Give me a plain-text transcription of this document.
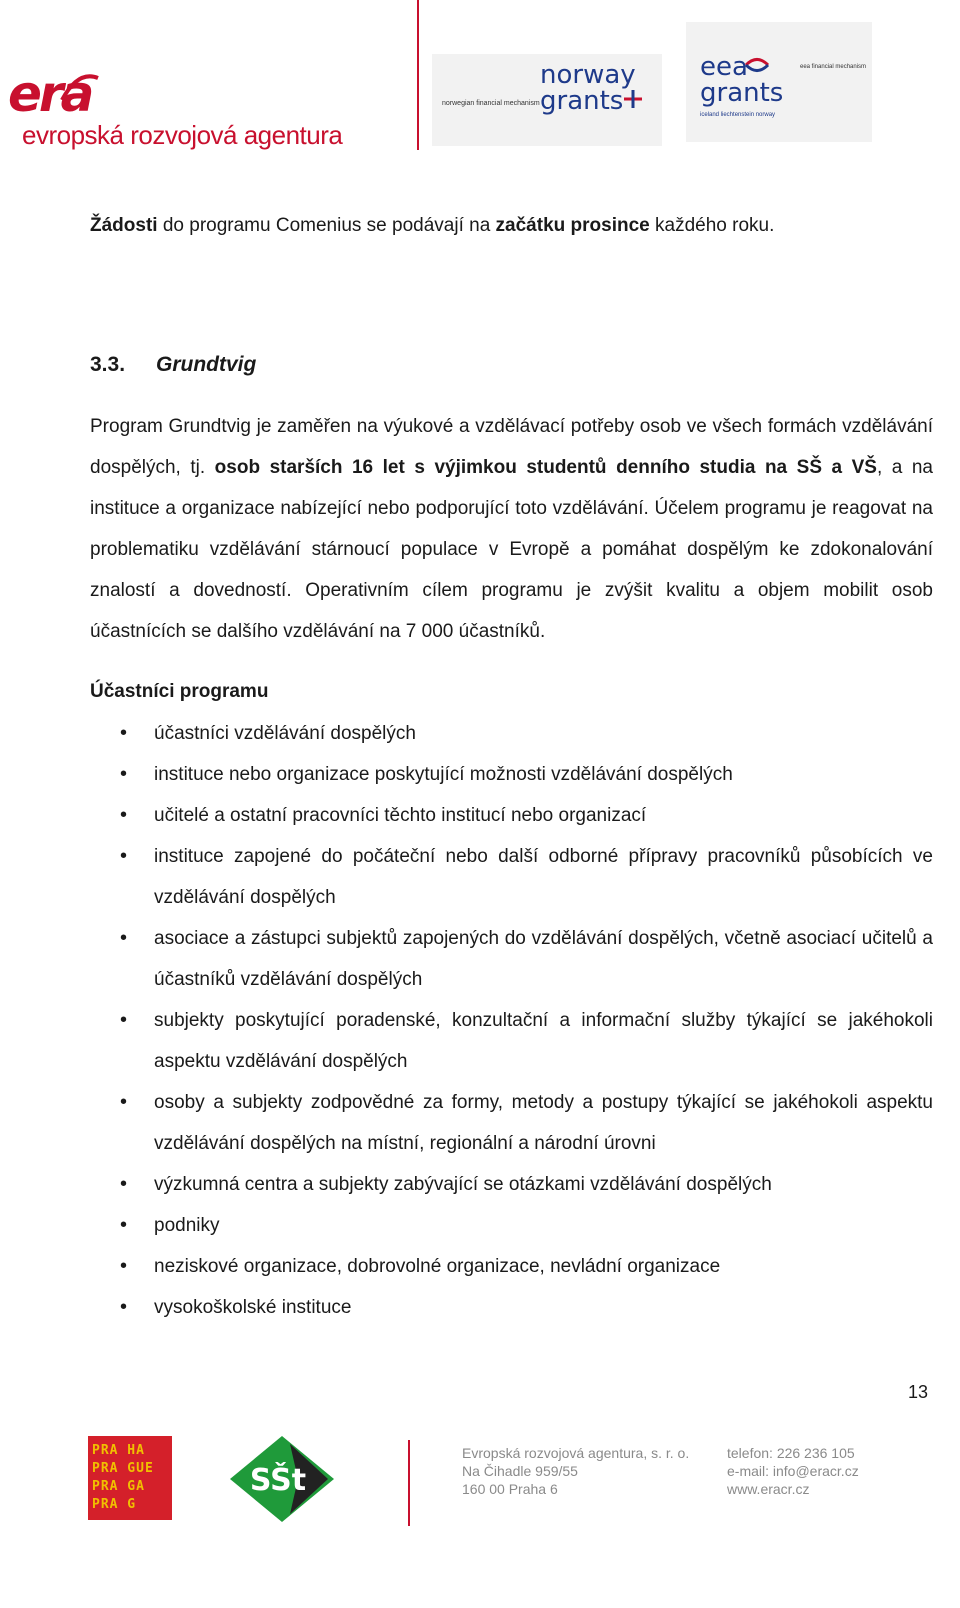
era
evropská rozvojová agentura
norwegian financial mechanism
norway
grants
eea
grants
eea financial mechanism
iceland liechtenstein norway
Žádosti do programu Comenius se podávají na začátku prosince každého roku.
3.3. Grundtvig
Program Grundtvig je zaměřen na výukové a vzdělávací potřeby osob ve všech formách vzdělávání dospělých, tj. osob starších 16 let s výjimkou studentů denního studia na SŠ a VŠ, a na instituce a organizace nabízející nebo podporující toto vzdělávání. Účelem programu je reagovat na problematiku vzdělávání stárnoucí populace v Evropě a pomáhat dospělým ke zdokonalování znalostí a dovedností. Operativním cílem programu je zvýšit kvalitu a objem mobilit osob účastnících se dalšího vzdělávání na 7 000 účastníků.
Účastníci programu
• účastníci vzdělávání dospělých
• instituce nebo organizace poskytující možnosti vzdělávání dospělých
• učitelé a ostatní pracovníci těchto institucí nebo organizací
• instituce zapojené do počáteční nebo další odborné přípravy pracovníků působících ve vzdělávání dospělých
• asociace a zástupci subjektů zapojených do vzdělávání dospělých, včetně asociací učitelů a účastníků vzdělávání dospělých
• subjekty poskytující poradenské, konzultační a informační služby týkající se jakéhokoli aspektu vzdělávání dospělých
• osoby a subjekty zodpovědné za formy, metody a postupy týkající se jakéhokoli aspektu vzdělávání dospělých na místní, regionální a národní úrovni
• výzkumná centra a subjekty zabývající se otázkami vzdělávání dospělých
• podniky
• neziskové organizace, dobrovolné organizace, nevládní organizace
• vysokoškolské instituce
13
PRA HA
PRA GUE
PRA GA
PRA G
SŠt
Evropská rozvojová agentura, s. r. o.
Na Čihadle 959/55
160 00 Praha 6
telefon: 226 236 105
e-mail: info@eracr.cz
www.eracr.cz
